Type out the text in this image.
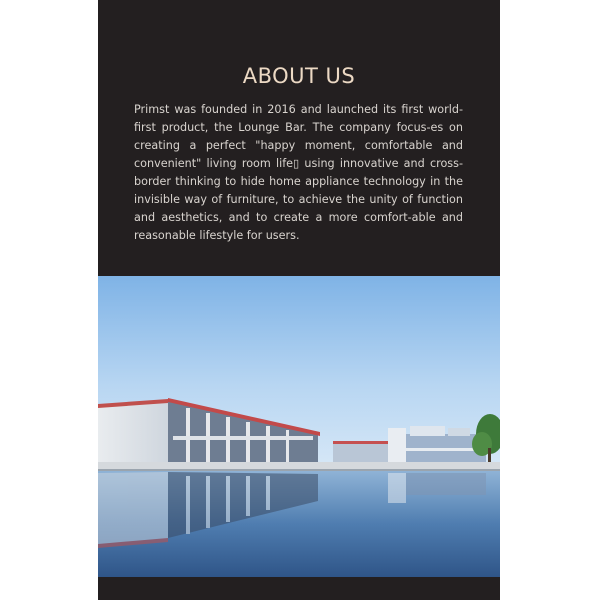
ABOUT US

Primst was founded in 2016 and launched its first world-first product, the Lounge Bar. The company focus-es on creating a perfect "happy moment, comfortable and convenient" living room life▯ using innovative and cross-border thinking to hide home appliance technology in the invisible way of furniture, to achieve the unity of function and aesthetics, and to create a more comfort-able and reasonable lifestyle for users.
